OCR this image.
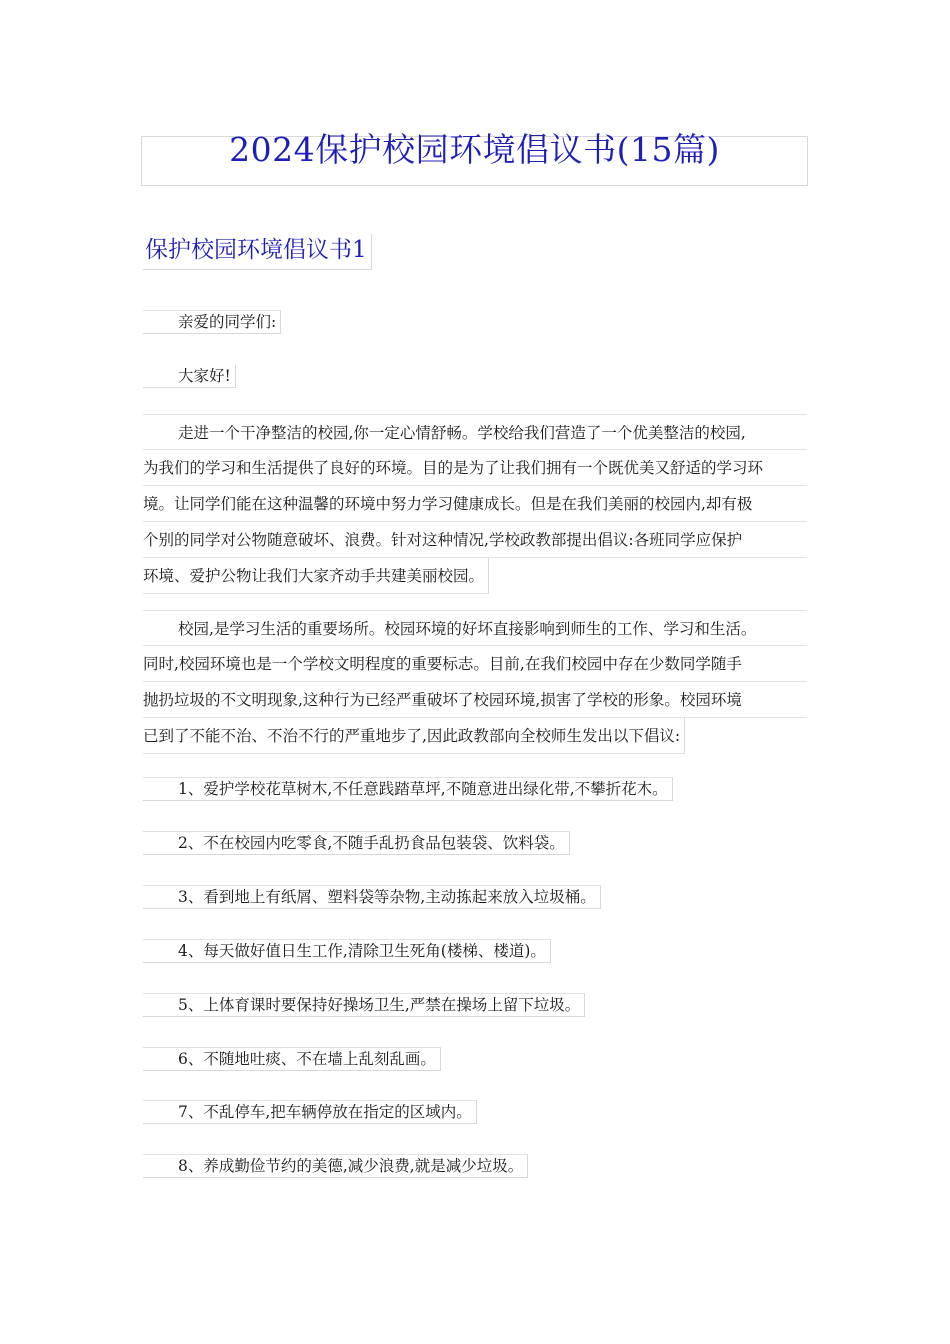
2024保护校园环境倡议书(15篇)
保护校园环境倡议书1
亲爱的同学们:
大家好!
走进一个干净整洁的校园,你一定心情舒畅。学校给我们营造了一个优美整洁的校园,
为我们的学习和生活提供了良好的环境。目的是为了让我们拥有一个既优美又舒适的学习环
境。让同学们能在这种温馨的环境中努力学习健康成长。但是在我们美丽的校园内,却有极
个别的同学对公物随意破坏、浪费。针对这种情况,学校政教部提出倡议:各班同学应保护
环境、爱护公物让我们大家齐动手共建美丽校园。
校园,是学习生活的重要场所。校园环境的好坏直接影响到师生的工作、学习和生活。
同时,校园环境也是一个学校文明程度的重要标志。目前,在我们校园中存在少数同学随手
抛扔垃圾的不文明现象,这种行为已经严重破坏了校园环境,损害了学校的形象。校园环境
已到了不能不治、不治不行的严重地步了,因此政教部向全校师生发出以下倡议:
1、爱护学校花草树木,不任意践踏草坪,不随意进出绿化带,不攀折花木。
2、不在校园内吃零食,不随手乱扔食品包装袋、饮料袋。
3、看到地上有纸屑、塑料袋等杂物,主动拣起来放入垃圾桶。
4、每天做好值日生工作,清除卫生死角(楼梯、楼道)。
5、上体育课时要保持好操场卫生,严禁在操场上留下垃圾。
6、不随地吐痰、不在墙上乱刻乱画。
7、不乱停车,把车辆停放在指定的区域内。
8、养成勤俭节约的美德,减少浪费,就是减少垃圾。
